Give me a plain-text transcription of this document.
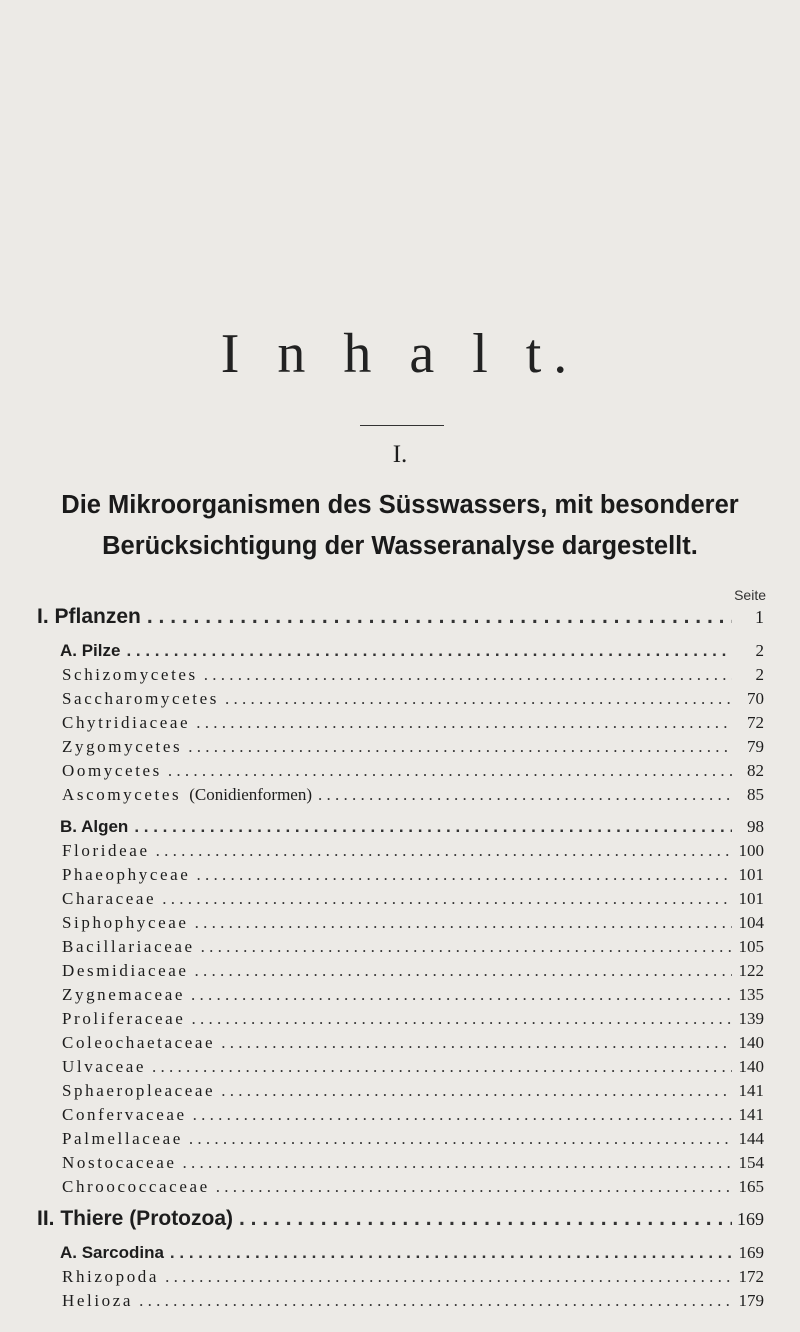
I n h a l t.
I.
Die Mikroorganismen des Süsswassers, mit besonderer
Berücksichtigung der Wasseranalyse dargestellt.
Seite
I. Pflanzen . . .	1
A. Pilze . . .	2
Schizomycetes . . .	2
Saccharomycetes . . .	70
Chytridiaceae . . .	72
Zygomycetes . . .	79
Oomycetes . . .	82
Ascomycetes (Conidienformen) . . .	85
B. Algen . . .	98
Florideae . . .	100
Phaeophyceae . . .	101
Characeae . . .	101
Siphophyceae . . .	104
Bacillariaceae . . .	105
Desmidiaceae . . .	122
Zygnemaceae . . .	135
Proliferaceae . . .	139
Coleochaetaceae . . .	140
Ulvaceae . . .	140
Sphaeropleaceae . . .	141
Confervaceae . . .	141
Palmellaceae . . .	144
Nostocaceae . . .	154
Chroococcaceae . . .	165
II. Thiere (Protozoa) . . .	169
A. Sarcodina . . .	169
Rhizopoda . . .	172
Helioza . . .	179
